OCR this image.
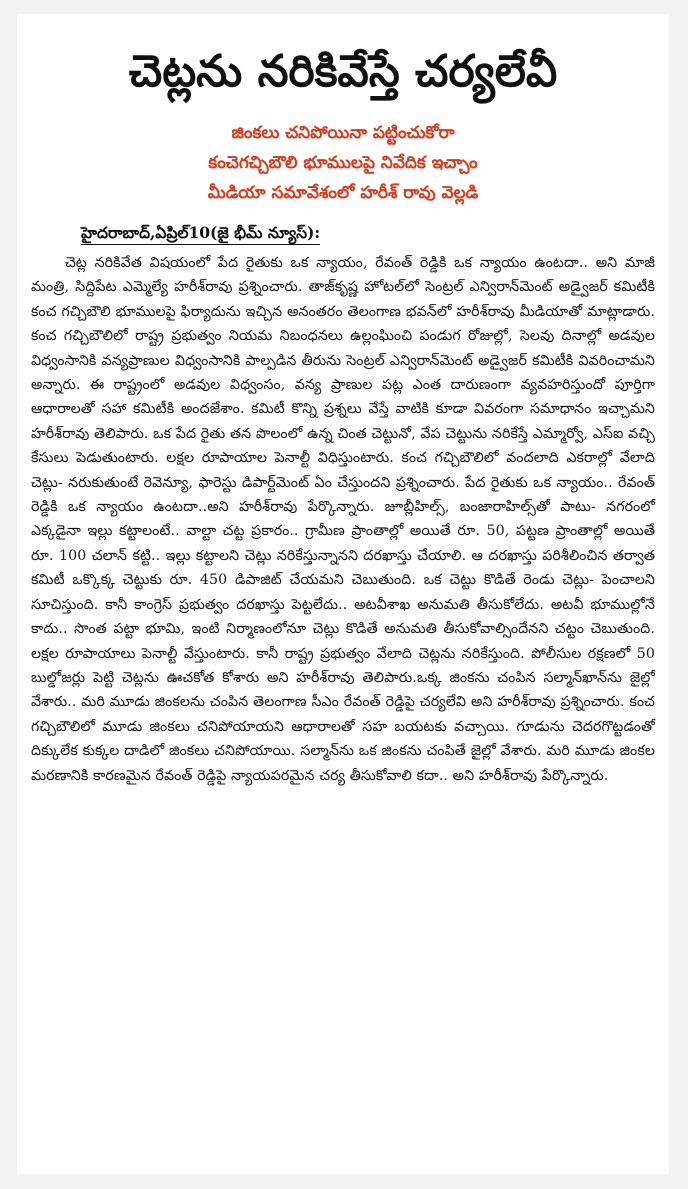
చెట్లను నరికివేస్తే చర్యలేవీ
జింకలు చనిపోయినా పట్టించుకోరా
కంచెగచ్చిబౌలి భూములపై నివేదిక ఇచ్చాం
మీడియా సమావేశంలో హరీశ్ రావు వెల్లడి
హైదరాబాద్,ఏప్రిల్10(జై భీమ్ న్యూస్):
చెట్ల నరికివేత విషయంలో పేద రైతుకు ఒక న్యాయం, రేవంత్ రెడ్డికి ఒక న్యాయం ఉంటదా.. అని మాజీ మంత్రి, సిద్దిపేట ఎమ్మెల్యే హరీశ్‌రావు ప్రశ్నించారు. తాజ్‌కృష్ణ హోటల్‌లో సెంట్రల్ ఎన్విరాన్‌మెంట్ అడ్వైజర్ కమిటీకి కంచ గచ్చిబౌలి భూములపై ఫిర్యాదును ఇచ్చిన అనంతరం తెలంగాణ భవన్‌లో హరీశ్‌రావు మీడియాతో మాట్లాడారు. కంచ గచ్చిబౌలిలో రాష్ట్ర ప్రభుత్వం నియమ నిబంధనలు ఉల్లంఘించి పండుగ రోజుల్లో, సెలవు దినాల్లో అడవుల విధ్వంసానికి వన్యప్రాణుల విధ్వంసానికి పాల్పడిన తీరును సెంట్రల్ ఎన్విరాన్‌మెంట్ అడ్వైజర్ కమిటీకి వివరించామని అన్నారు. ఈ రాష్ట్రంలో అడవుల విధ్వంసం, వన్య ప్రాణుల పట్ల ఎంత దారుణంగా వ్యవహరిస్తుందో పూర్తిగా ఆధారాలతో సహా కమిటీకి అందజేశాం. కమిటీ కొన్ని ప్రశ్నలు వేస్తే వాటికి కూడా వివరంగా సమాధానం ఇచ్చామని హరీశ్‌రావు తెలిపారు. ఒక పేద రైతు తన పొలంలో ఉన్న చింత చెట్టునో, వేప చెట్టును నరికేస్తే ఎమ్మార్వో, ఎస్ఐ వచ్చి కేసులు పెడుతుంటారు. లక్షల రూపాయాల పెనాల్టీ విధిస్తుంటారు. కంచ గచ్చిబౌలిలో వందలాది ఎకరాల్లో వేలాది చెట్లు- నరుకుతుంటే రెవెన్యూ, ఫారెస్టు డిపార్ట్‌మెంట్ ఏం చేస్తుందని ప్రశ్నించారు. పేద రైతుకు ఒక న్యాయం.. రేవంత్ రెడ్డికి ఒక న్యాయం ఉంటదా..అని హరీశ్‌రావు పేర్కొన్నారు. జూబ్లీహిల్స్, బంజారాహిల్స్‌తో పాటు- నగరంలో ఎక్కడైనా ఇల్లు కట్టాలంటే.. వాల్టా చట్ట ప్రకారం.. గ్రామీణ ప్రాంతాల్లో అయితే రూ. 50, పట్టణ ప్రాంతాల్లో అయితే రూ. 100 చలాన్ కట్టి.. ఇల్లు కట్టాలని చెట్లు నరికేస్తున్నానని దరఖాస్తు చేయాలి. ఆ దరఖాస్తు పరిశీలించిన తర్వాత కమిటీ ఒక్కొక్క చెట్టుకు రూ. 450 డిపాజిట్ చేయమని చెబుతుంది. ఒక చెట్టు కొడితే రెండు చెట్లు- పెంచాలని సూచిస్తుంది. కానీ కాంగ్రెస్ ప్రభుత్వం దరఖాస్తు పెట్టలేదు.. అటవీశాఖ అనుమతి తీసుకోలేదు. అటవీ భూముల్లోనే కాదు.. సొంత పట్టా భూమి, ఇంటి నిర్మాణంలోనూ చెట్లు కొడితే అనుమతి తీసుకోవాల్సిందేనని చట్టం చెబుతుంది. లక్షల రూపాయాలు పెనాల్టీ వేస్తుంటారు. కానీ రాష్ట్ర ప్రభుత్వం వేలాది చెట్లను నరికేస్తుంది. పోలీసుల రక్షణలో 50 బుల్డోజర్లు పెట్టి చెట్లను ఊచకోత కోశారు అని హరీశ్‌రావు తెలిపారు.ఒక్క జింకను చంపిన సల్మాన్‌ఖాన్‌ను జైల్లో వేశారు.. మరి మూడు జింకలను చంపిన తెలంగాణ సీఎం రేవంత్ రెడ్డిపై చర్యలేవి అని హరీశ్‌రావు ప్రశ్నించారు. కంచ గచ్చిబౌలిలో మూడు జింకలు చనిపోయాయని ఆధారాలతో సహ బయటకు వచ్చాయి. గూడును చెదరగొట్టడంతో దిక్కులేక కుక్కల దాడిలో జింకలు చనిపోయాయి. సల్మాన్‌ను ఒక జింకను చంపితే జైల్లో వేశారు. మరి మూడు జింకల మరణానికి కారణమైన రేవంత్ రెడ్డిపై న్యాయపరమైన చర్య తీసుకోవాలి కదా.. అని హరీశ్‌రావు పేర్కొన్నారు.
